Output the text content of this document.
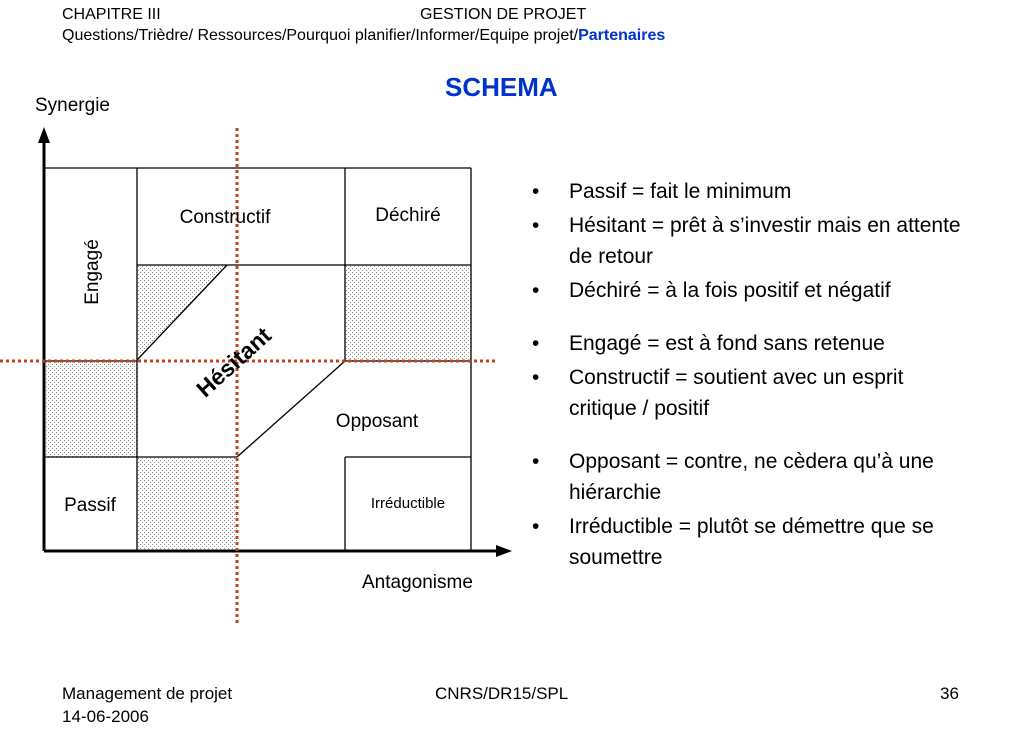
CHAPITRE III	GESTION DE PROJET
Questions/Trièdre/ Ressources/Pourquoi planifier/Informer/Equipe projet/Partenaires
SCHEMA
Engagé
Constructif	Déchiré
Hésitant
Opposant
Passif	Irréductible
Synergie
Antagonisme
• Passif = fait le minimum
• Hésitant = prêt à s’investir mais en attente de retour
• Déchiré = à la fois positif et négatif
• Engagé = est à fond sans retenue
• Constructif = soutient avec un esprit critique / positif
• Opposant = contre, ne cèdera qu’à une hiérarchie
• Irréductible = plutôt se démettre que se soumettre
Management de projet
14-06-2006
CNRS/DR15/SPL	36
